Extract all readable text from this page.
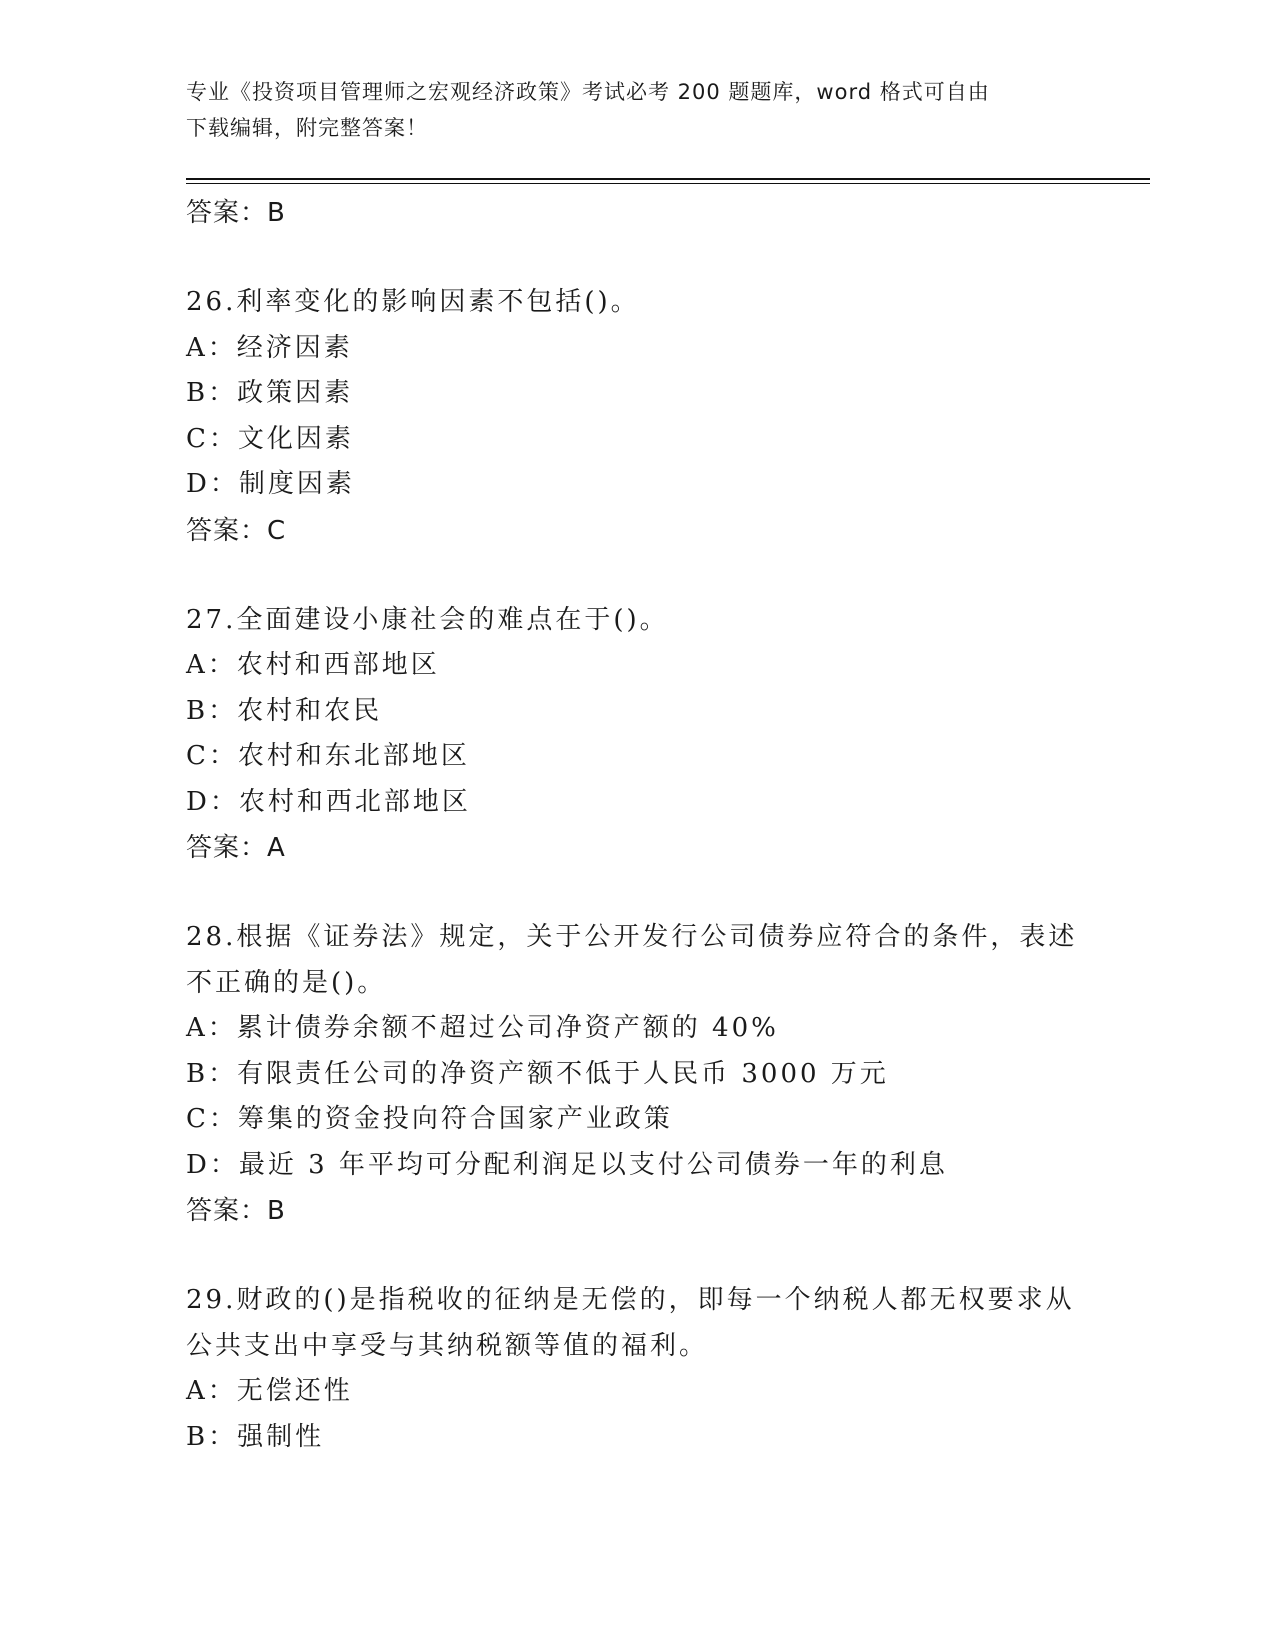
专业《投资项目管理师之宏观经济政策》考试必考 200 题题库，word 格式可自由
下载编辑，附完整答案！

答案：B

26.利率变化的影响因素不包括()。

A：经济因素

B：政策因素

C：文化因素

D：制度因素

答案：C

27.全面建设小康社会的难点在于()。

A：农村和西部地区

B：农村和农民

C：农村和东北部地区

D：农村和西北部地区

答案：A

28.根据《证券法》规定，关于公开发行公司债券应符合的条件，表述

不正确的是()。

A：累计债券余额不超过公司净资产额的 40%

B：有限责任公司的净资产额不低于人民币 3000 万元

C：筹集的资金投向符合国家产业政策

D：最近 3 年平均可分配利润足以支付公司债券一年的利息

答案：B

29.财政的()是指税收的征纳是无偿的，即每一个纳税人都无权要求从

公共支出中享受与其纳税额等值的福利。

A：无偿还性

B：强制性
